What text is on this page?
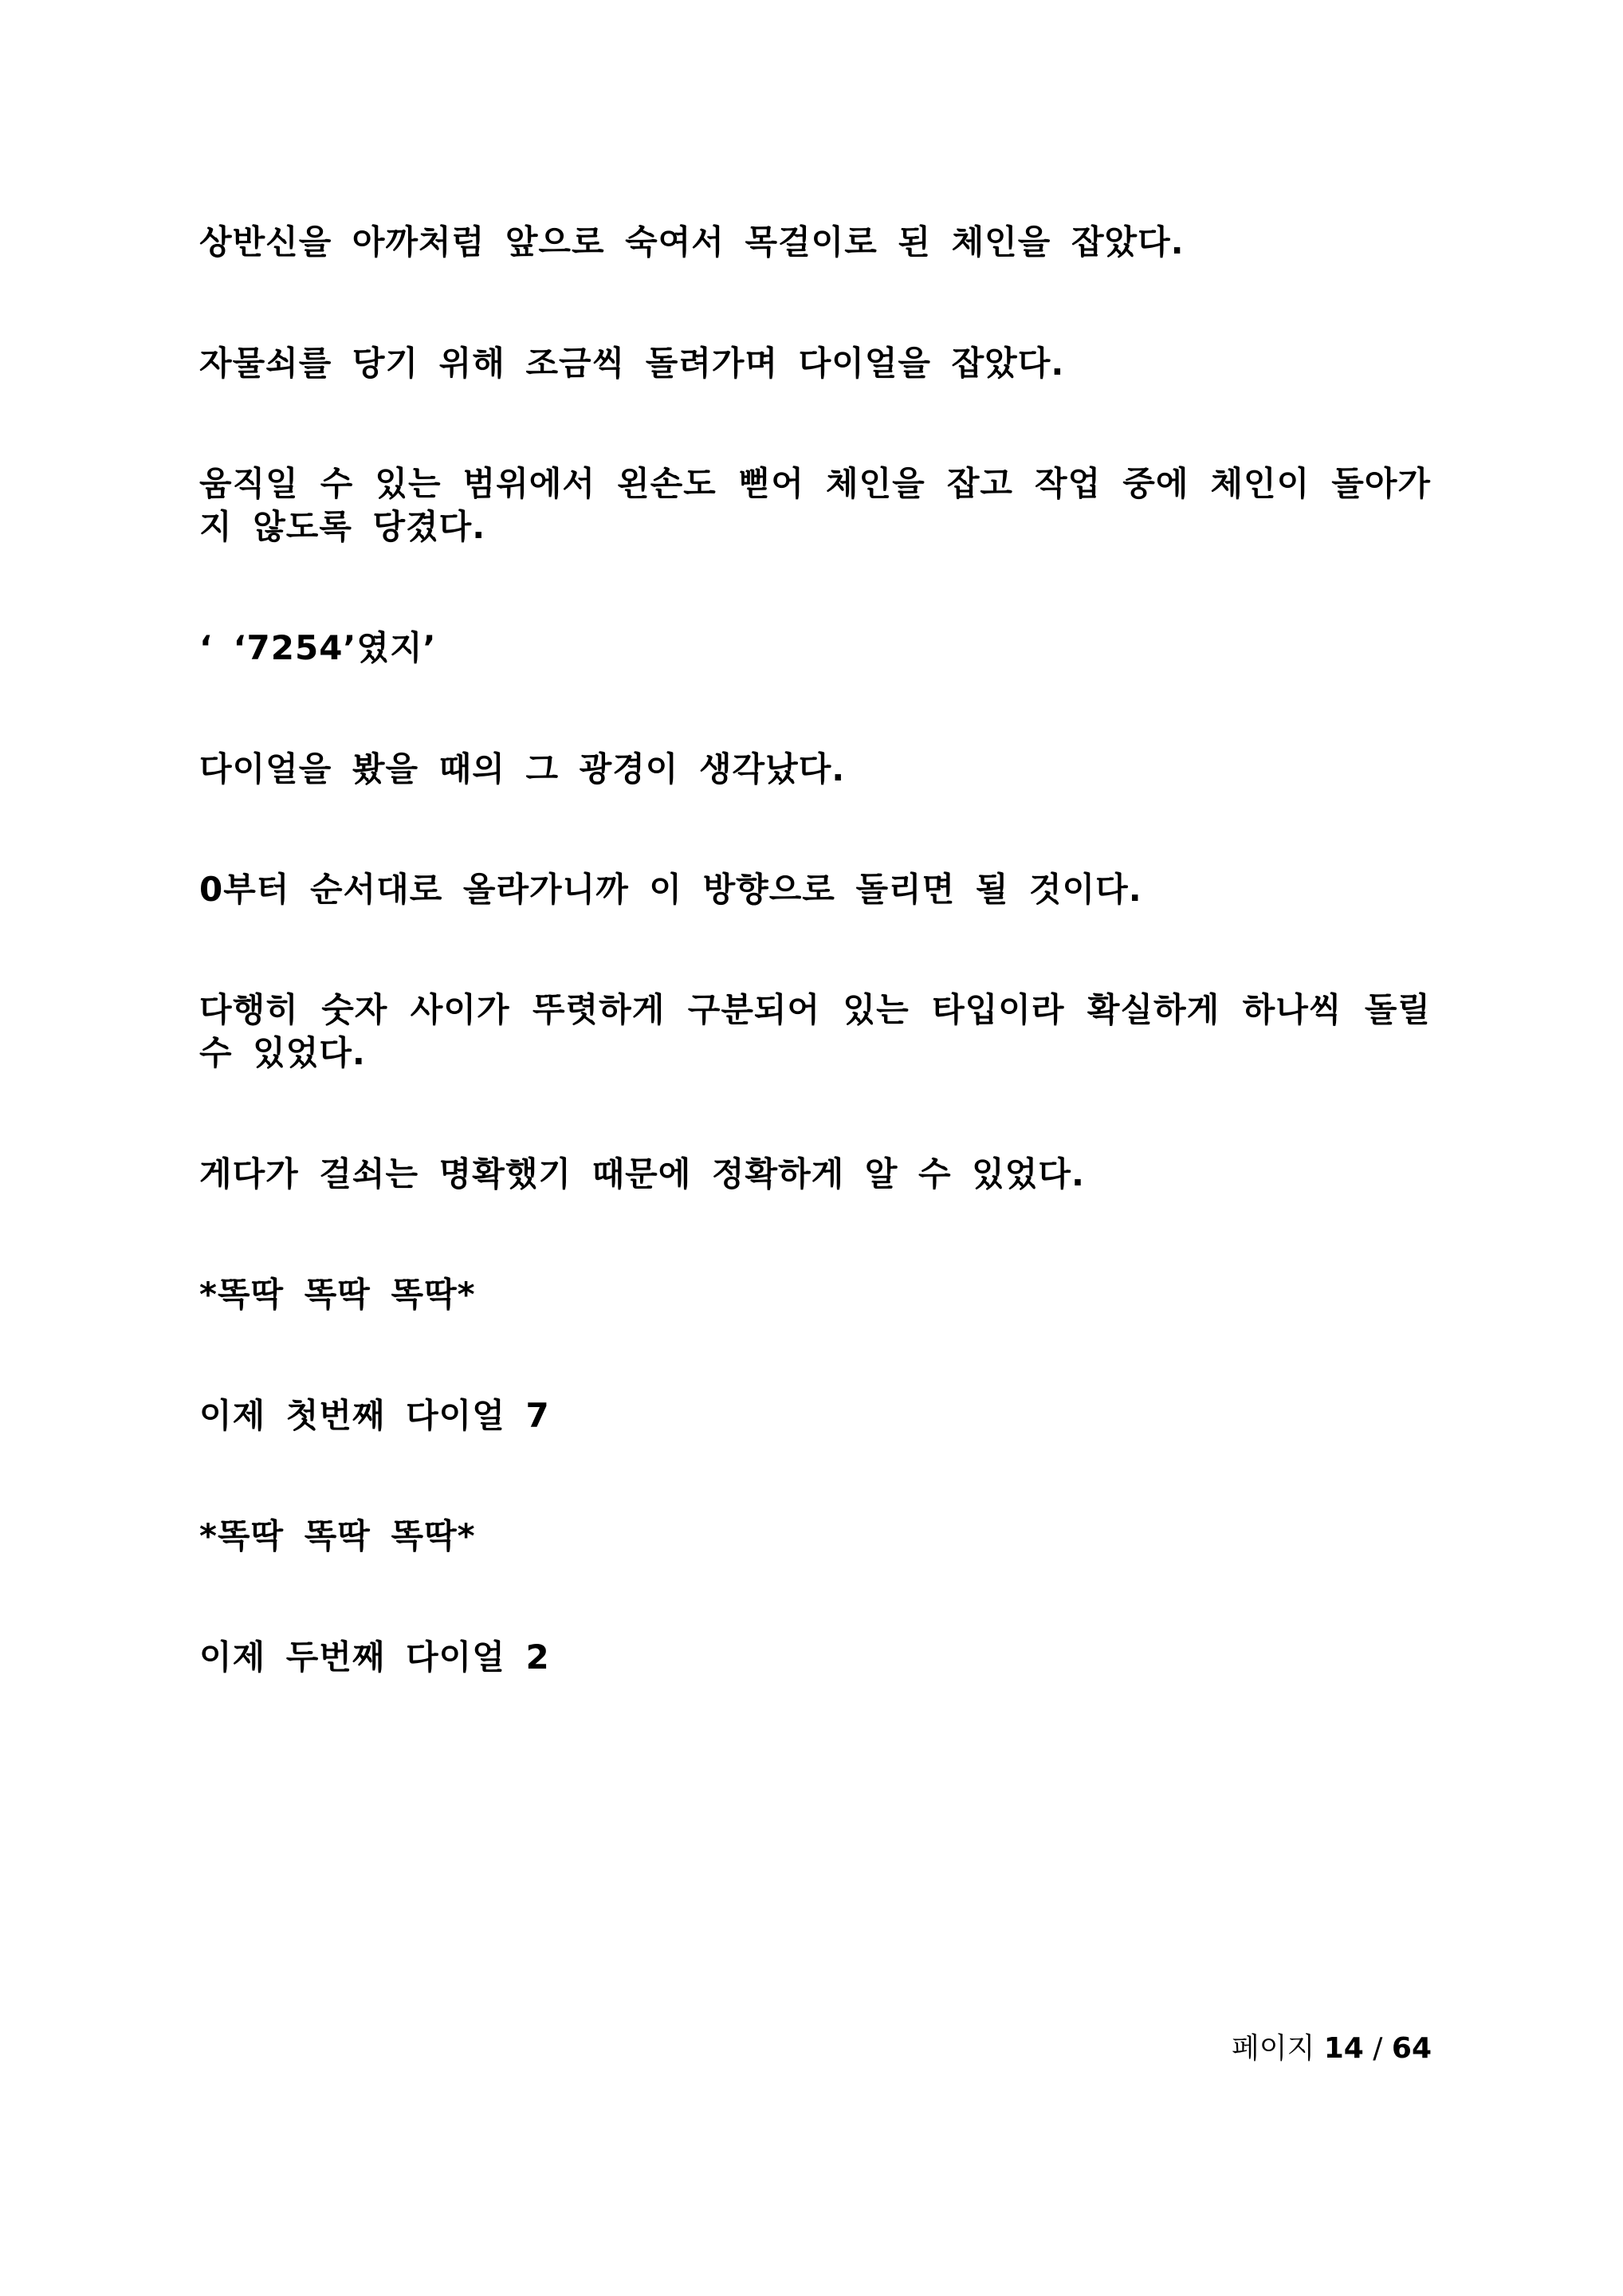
상반신을 아까처럼 앞으로 숙여서 목걸이로 된 체인을 잡았다.

자물쇠를 당기 위해 조금씩 돌려가며 다이얼을 잡았다.

움직일 수 있는 범위에서 왼손도 뻗어 체인을 잡고 작업 중에 체인이 돌아가지 않도록 당겼다.

‘ ‘7254’였지’

다이얼을 봤을 때의 그 광경이 생각났다.

0부터 순서대로 올라가니까 이 방향으로 돌리면 될 것이다.

다행히 숫자 사이가 뚜렷하게 구분되어 있는 타입이라 확실하게 하나씩 돌릴 수 있었다.

게다가 걸쇠는 명확했기 때문에 정확하게 알 수 있었다.

*똑딱 똑딱 똑딱*

이제 첫번째 다이얼 7

*똑딱 똑딱 똑딱*

이제 두번째 다이얼 2

페이지 14 / 64
